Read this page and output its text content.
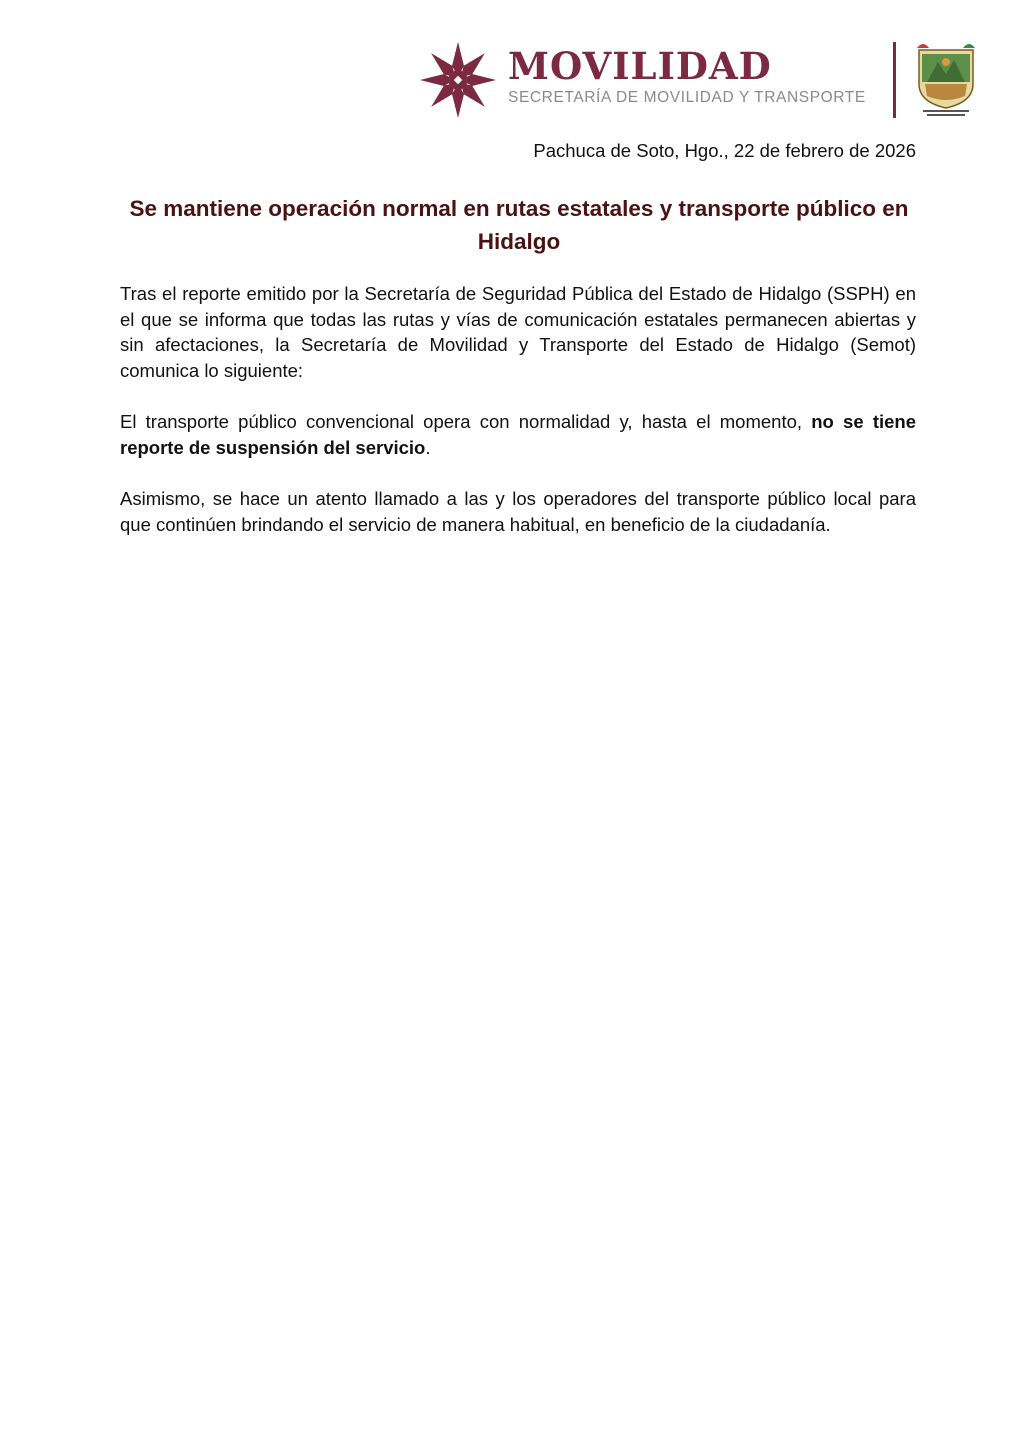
MOVILIDAD
SECRETARÍA DE MOVILIDAD Y TRANSPORTE
Pachuca de Soto, Hgo., 22 de febrero de 2026
Se mantiene operación normal en rutas estatales y transporte público en Hidalgo

Tras el reporte emitido por la Secretaría de Seguridad Pública del Estado de Hidalgo (SSPH) en el que se informa que todas las rutas y vías de comunicación estatales permanecen abiertas y sin afectaciones, la Secretaría de Movilidad y Transporte del Estado de Hidalgo (Semot) comunica lo siguiente:

El transporte público convencional opera con normalidad y, hasta el momento, no se tiene reporte de suspensión del servicio.

Asimismo, se hace un atento llamado a las y los operadores del transporte público local para que continúen brindando el servicio de manera habitual, en beneficio de la ciudadanía.
